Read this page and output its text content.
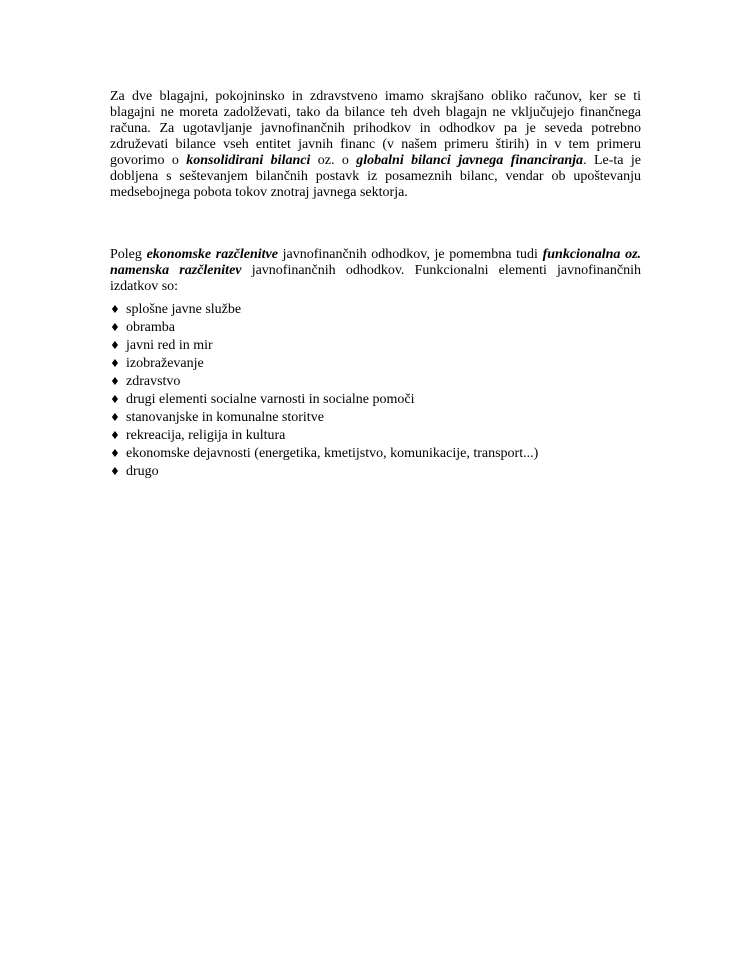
Za dve blagajni, pokojninsko in zdravstveno imamo skrajšano obliko računov, ker se ti blagajni ne moreta zadolževati, tako da bilance teh dveh blagajn ne vključujejo finančnega računa. Za ugotavljanje javnofinančnih prihodkov in odhodkov pa je seveda potrebno združevati bilance vseh entitet javnih financ (v našem primeru štirih) in v tem primeru govorimo o konsolidirani bilanci oz. o globalni bilanci javnega financiranja. Le-ta je dobljena s seštevanjem bilančnih postavk iz posameznih bilanc, vendar ob upoštevanju medsebojnega pobota tokov znotraj javnega sektorja.

Poleg ekonomske razčlenitve javnofinančnih odhodkov, je pomembna tudi funkcionalna oz. namenska razčlenitev javnofinančnih odhodkov. Funkcionalni elementi javnofinančnih izdatkov so:

♦ splošne javne službe
♦ obramba
♦ javni red in mir
♦ izobraževanje
♦ zdravstvo
♦ drugi elementi socialne varnosti in socialne pomoči
♦ stanovanjske in komunalne storitve
♦ rekreacija, religija in kultura
♦ ekonomske dejavnosti (energetika, kmetijstvo, komunikacije, transport...)
♦ drugo
